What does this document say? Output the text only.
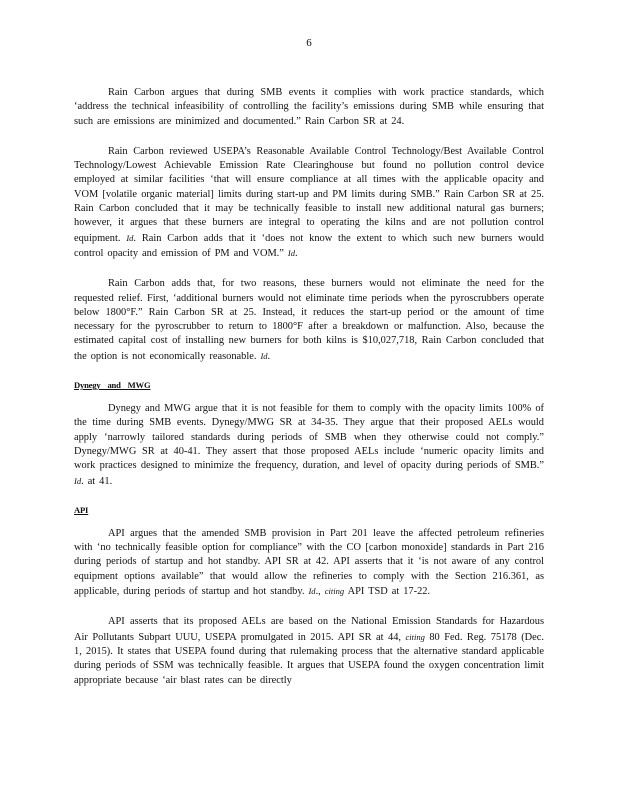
6

Rain Carbon argues that during SMB events it complies with work practice standards, which ‘address the technical infeasibility of controlling the facility’s emissions during SMB while ensuring that such are emissions are minimized and documented.” Rain Carbon SR at 24.

Rain Carbon reviewed USEPA’s Reasonable Available Control Technology/Best Available Control Technology/Lowest Achievable Emission Rate Clearinghouse but found no pollution control device employed at similar facilities ‘that will ensure compliance at all times with the applicable opacity and VOM [volatile organic material] limits during start-up and PM limits during SMB.” Rain Carbon SR at 25. Rain Carbon concluded that it may be technically feasible to install new additional natural gas burners; however, it argues that these burners are integral to operating the kilns and are not pollution control equipment. Id. Rain Carbon adds that it ‘does not know the extent to which such new burners would control opacity and emission of PM and VOM.” Id.

Rain Carbon adds that, for two reasons, these burners would not eliminate the need for the requested relief. First, ‘additional burners would not eliminate time periods when the pyroscrubbers operate below 1800°F.” Rain Carbon SR at 25. Instead, it reduces the start-up period or the amount of time necessary for the pyroscrubber to return to 1800°F after a breakdown or malfunction. Also, because the estimated capital cost of installing new burners for both kilns is $10,027,718, Rain Carbon concluded that the option is not economically reasonable. Id.

Dynegy and MWG

Dynegy and MWG argue that it is not feasible for them to comply with the opacity limits 100% of the time during SMB events. Dynegy/MWG SR at 34-35. They argue that their proposed AELs would apply ‘narrowly tailored standards during periods of SMB when they otherwise could not comply.” Dynegy/MWG SR at 40-41. They assert that those proposed AELs include ‘numeric opacity limits and work practices designed to minimize the frequency, duration, and level of opacity during periods of SMB.” Id. at 41.

API

API argues that the amended SMB provision in Part 201 leave the affected petroleum refineries with ‘no technically feasible option for compliance” with the CO [carbon monoxide] standards in Part 216 during periods of startup and hot standby. API SR at 42. API asserts that it ‘is not aware of any control equipment options available” that would allow the refineries to comply with the Section 216.361, as applicable, during periods of startup and hot standby. Id., citing API TSD at 17-22.

API asserts that its proposed AELs are based on the National Emission Standards for Hazardous Air Pollutants Subpart UUU, USEPA promulgated in 2015. API SR at 44, citing 80 Fed. Reg. 75178 (Dec. 1, 2015). It states that USEPA found during that rulemaking process that the alternative standard applicable during periods of SSM was technically feasible. It argues that USEPA found the oxygen concentration limit appropriate because ‘air blast rates can be directly
